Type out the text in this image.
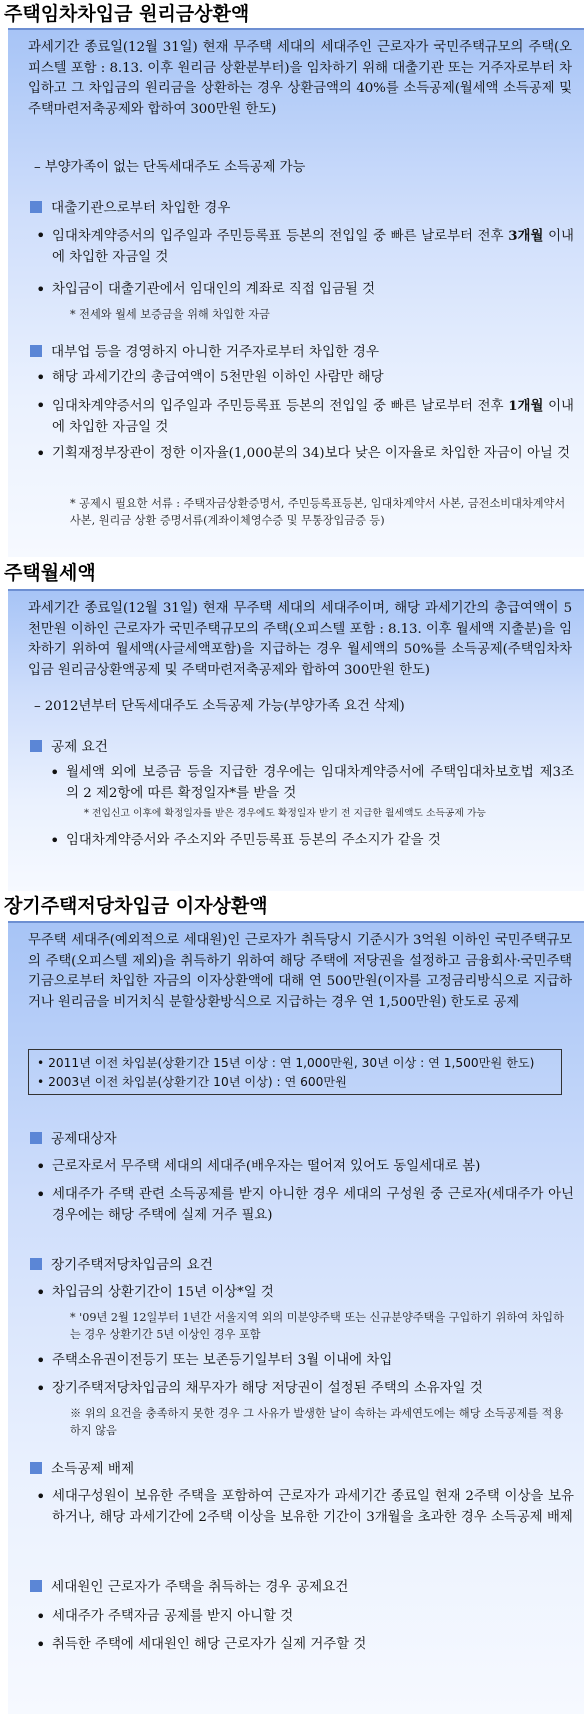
주택임차차입금 원리금상환액
과세기간 종료일(12월 31일) 현재 무주택 세대의 세대주인 근로자가 국민주택규모의 주택(오피스텔 포함 : 8.13. 이후 원리금 상환분부터)을 임차하기 위해 대출기관 또는 거주자로부터 차입하고 그 차입금의 원리금을 상환하는 경우 상환금액의 40%를 소득공제(월세액 소득공제 및 주택마련저축공제와 합하여 300만원 한도)
– 부양가족이 없는 단독세대주도 소득공제 가능
대출기관으로부터 차입한 경우
• 임대차계약증서의 입주일과 주민등록표 등본의 전입일 중 빠른 날로부터 전후 3개월 이내에 차입한 자금일 것
• 차입금이 대출기관에서 임대인의 계좌로 직접 입금될 것
* 전세와 월세 보증금을 위해 차입한 자금
대부업 등을 경영하지 아니한 거주자로부터 차입한 경우
• 해당 과세기간의 총급여액이 5천만원 이하인 사람만 해당
• 임대차계약증서의 입주일과 주민등록표 등본의 전입일 중 빠른 날로부터 전후 1개월 이내에 차입한 자금일 것
• 기획재정부장관이 정한 이자율(1,000분의 34)보다 낮은 이자율로 차입한 자금이 아닐 것
* 공제시 필요한 서류 : 주택자금상환증명서, 주민등록표등본, 임대차계약서 사본, 금전소비대차계약서 사본, 원리금 상환 증명서류(계좌이체영수증 및 무통장입금증 등)
주택월세액
과세기간 종료일(12월 31일) 현재 무주택 세대의 세대주이며, 해당 과세기간의 총급여액이 5천만원 이하인 근로자가 국민주택규모의 주택(오피스텔 포함 : 8.13. 이후 월세액 지출분)을 임차하기 위하여 월세액(사글세액포함)을 지급하는 경우 월세액의 50%를 소득공제(주택임차차입금 원리금상환액공제 및 주택마련저축공제와 합하여 300만원 한도)
– 2012년부터 단독세대주도 소득공제 가능(부양가족 요건 삭제)
공제 요건
• 월세액 외에 보증금 등을 지급한 경우에는 임대차계약증서에 주택임대차보호법 제3조의 2 제2항에 따른 확정일자*를 받을 것
* 전입신고 이후에 확정일자를 받은 경우에도 확정일자 받기 전 지급한 월세액도 소득공제 가능
• 임대차계약증서와 주소지와 주민등록표 등본의 주소지가 같을 것
장기주택저당차입금 이자상환액
무주택 세대주(예외적으로 세대원)인 근로자가 취득당시 기준시가 3억원 이하인 국민주택규모의 주택(오피스텔 제외)을 취득하기 위하여 해당 주택에 저당권을 설정하고 금융회사·국민주택기금으로부터 차입한 자금의 이자상환액에 대해 연 500만원(이자를 고정금리방식으로 지급하거나 원리금을 비거치식 분할상환방식으로 지급하는 경우 연 1,500만원) 한도로 공제
• 2011년 이전 차입분(상환기간 15년 이상 : 연 1,000만원, 30년 이상 : 연 1,500만원 한도)
• 2003년 이전 차입분(상환기간 10년 이상) : 연 600만원
공제대상자
• 근로자로서 무주택 세대의 세대주(배우자는 떨어져 있어도 동일세대로 봄)
• 세대주가 주택 관련 소득공제를 받지 아니한 경우 세대의 구성원 중 근로자(세대주가 아닌 경우에는 해당 주택에 실제 거주 필요)
장기주택저당차입금의 요건
• 차입금의 상환기간이 15년 이상*일 것
* '09년 2월 12일부터 1년간 서울지역 외의 미분양주택 또는 신규분양주택을 구입하기 위하여 차입하는 경우 상환기간 5년 이상인 경우 포함
• 주택소유권이전등기 또는 보존등기일부터 3월 이내에 차입
• 장기주택저당차입금의 채무자가 해당 저당권이 설정된 주택의 소유자일 것
※ 위의 요건을 충족하지 못한 경우 그 사유가 발생한 날이 속하는 과세연도에는 해당 소득공제를 적용하지 않음
소득공제 배제
• 세대구성원이 보유한 주택을 포함하여 근로자가 과세기간 종료일 현재 2주택 이상을 보유하거나, 해당 과세기간에 2주택 이상을 보유한 기간이 3개월을 초과한 경우 소득공제 배제
세대원인 근로자가 주택을 취득하는 경우 공제요건
• 세대주가 주택자금 공제를 받지 아니할 것
• 취득한 주택에 세대원인 해당 근로자가 실제 거주할 것
